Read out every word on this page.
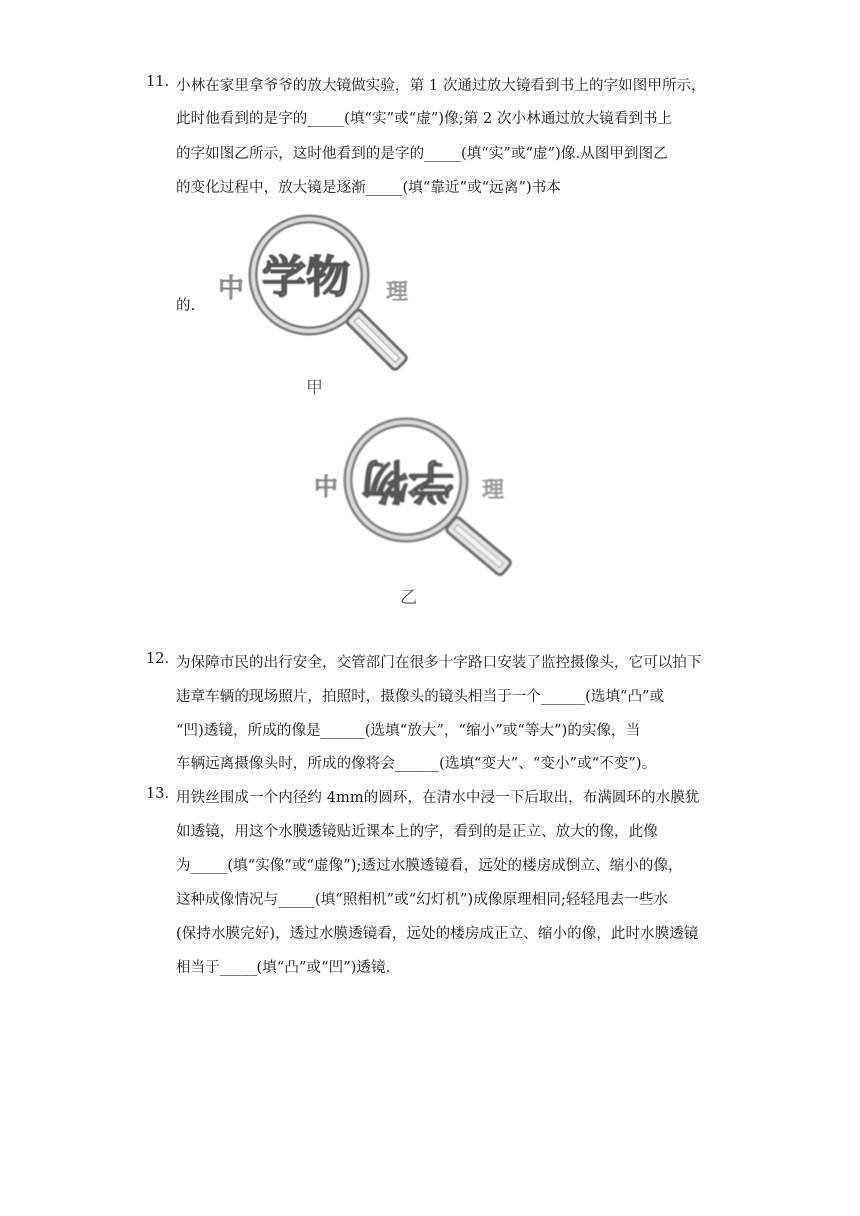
11. 小林在家里拿爷爷的放大镜做实验，第 1 次通过放大镜看到书上的字如图甲所示，
此时他看到的是字的_____(填“实”或“虚”)像;第 2 次小林通过放大镜看到书上
的字如图乙所示，这时他看到的是字的_____(填“实”或“虚”)像.从图甲到图乙
的变化过程中，放大镜是逐渐_____(填“靠近”或“远离”)书本
的.
中 学物 理
甲
中 学物 理
乙
12. 为保障市民的出行安全，交管部门在很多十字路口安装了监控摄像头，它可以拍下
违章车辆的现场照片，拍照时，摄像头的镜头相当于一个______(选填“凸”或
“凹)透镜，所成的像是______(选填“放大”，“缩小”或“等大”)的实像，当
车辆远离摄像头时，所成的像将会______(选填“变大”、“变小”或“不变”)。
13. 用铁丝围成一个内径约 4mm的圆环，在清水中浸一下后取出，布满圆环的水膜犹
如透镜，用这个水膜透镜贴近课本上的字，看到的是正立、放大的像，此像
为_____(填“实像”或“虚像”);透过水膜透镜看，远处的楼房成倒立、缩小的像，
这种成像情况与_____(填“照相机”或“幻灯机”)成像原理相同;轻轻甩去一些水
(保持水膜完好)，透过水膜透镜看，远处的楼房成正立、缩小的像，此时水膜透镜
相当于_____(填“凸”或“凹”)透镜.
